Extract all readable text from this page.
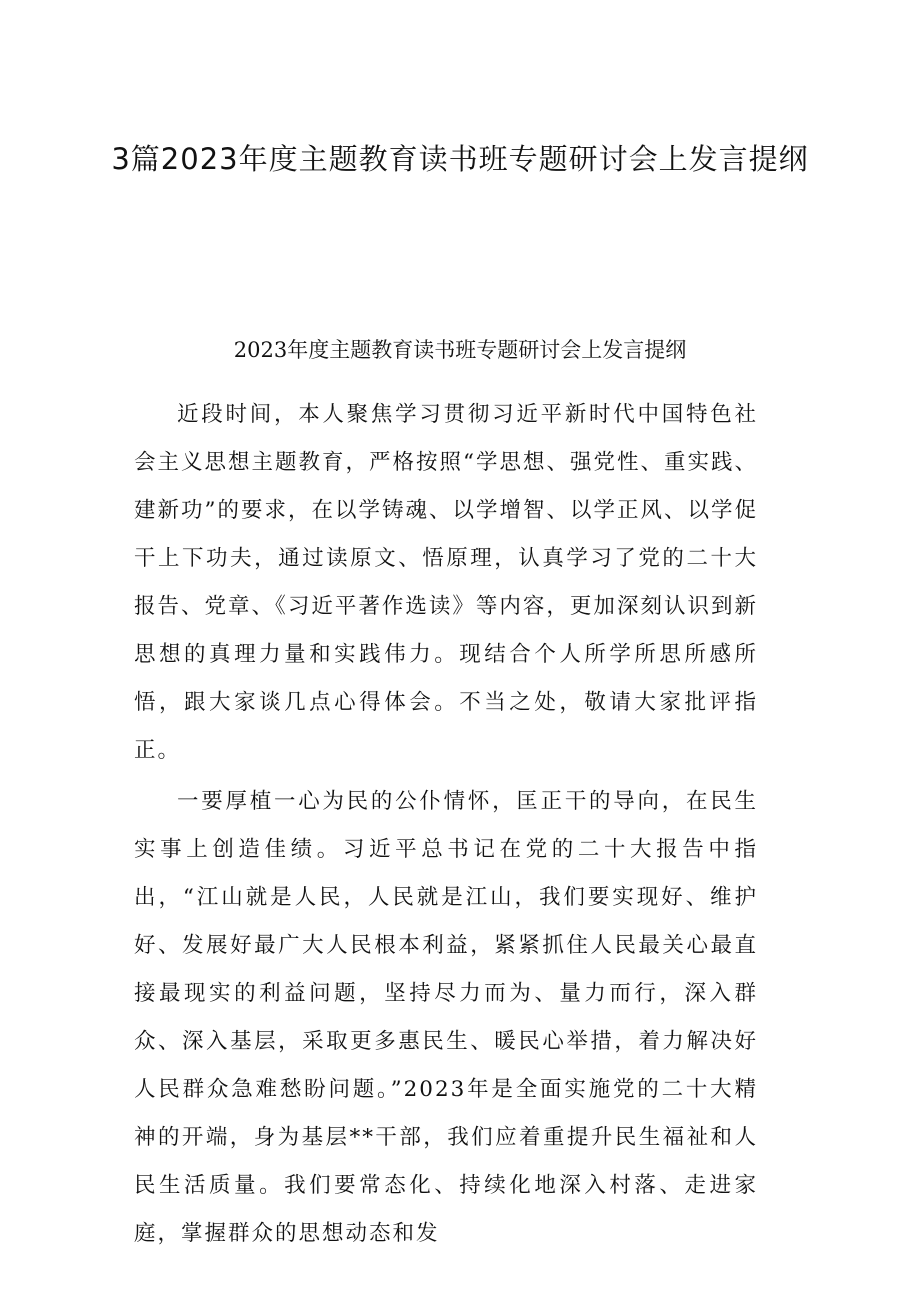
3篇2023年度主题教育读书班专题研讨会上发言提纲
2023年度主题教育读书班专题研讨会上发言提纲

近段时间，本人聚焦学习贯彻习近平新时代中国特色社会主义思想主题教育，严格按照“学思想、强党性、重实践、建新功”的要求，在以学铸魂、以学增智、以学正风、以学促干上下功夫，通过读原文、悟原理，认真学习了党的二十大报告、党章、《习近平著作选读》等内容，更加深刻认识到新思想的真理力量和实践伟力。现结合个人所学所思所感所悟，跟大家谈几点心得体会。不当之处，敬请大家批评指正。

一要厚植一心为民的公仆情怀，匡正干的导向，在民生实事上创造佳绩。习近平总书记在党的二十大报告中指出，“江山就是人民，人民就是江山，我们要实现好、维护好、发展好最广大人民根本利益，紧紧抓住人民最关心最直接最现实的利益问题，坚持尽力而为、量力而行，深入群众、深入基层，采取更多惠民生、暖民心举措，着力解决好人民群众急难愁盼问题。”2023年是全面实施党的二十大精神的开端，身为基层**干部，我们应着重提升民生福祉和人民生活质量。我们要常态化、持续化地深入村落、走进家庭，掌握群众的思想动态和发
